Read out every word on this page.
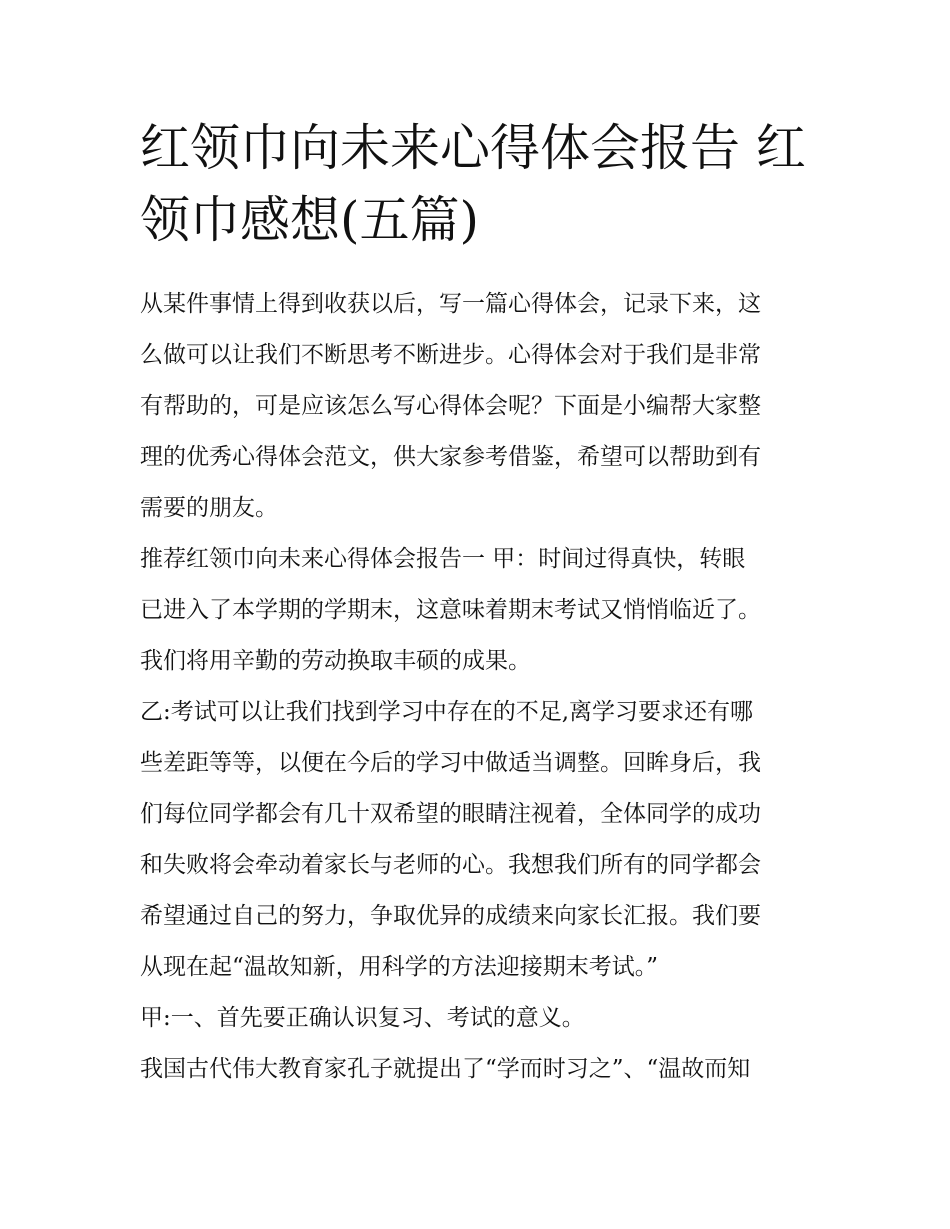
红领巾向未来心得体会报告 红
领巾感想(五篇)

从某件事情上得到收获以后，写一篇心得体会，记录下来，这

么做可以让我们不断思考不断进步。心得体会对于我们是非常

有帮助的，可是应该怎么写心得体会呢？下面是小编帮大家整

理的优秀心得体会范文，供大家参考借鉴，希望可以帮助到有

需要的朋友。

推荐红领巾向未来心得体会报告一 甲：时间过得真快，转眼

已进入了本学期的学期末，这意味着期末考试又悄悄临近了。

我们将用辛勤的劳动换取丰硕的成果。

乙:考试可以让我们找到学习中存在的不足,离学习要求还有哪

些差距等等，以便在今后的学习中做适当调整。回眸身后，我

们每位同学都会有几十双希望的眼睛注视着，全体同学的成功

和失败将会牵动着家长与老师的心。我想我们所有的同学都会

希望通过自己的努力，争取优异的成绩来向家长汇报。我们要

从现在起“温故知新，用科学的方法迎接期末考试。”

甲:一、首先要正确认识复习、考试的意义。

我国古代伟大教育家孔子就提出了“学而时习之”、“温故而知
